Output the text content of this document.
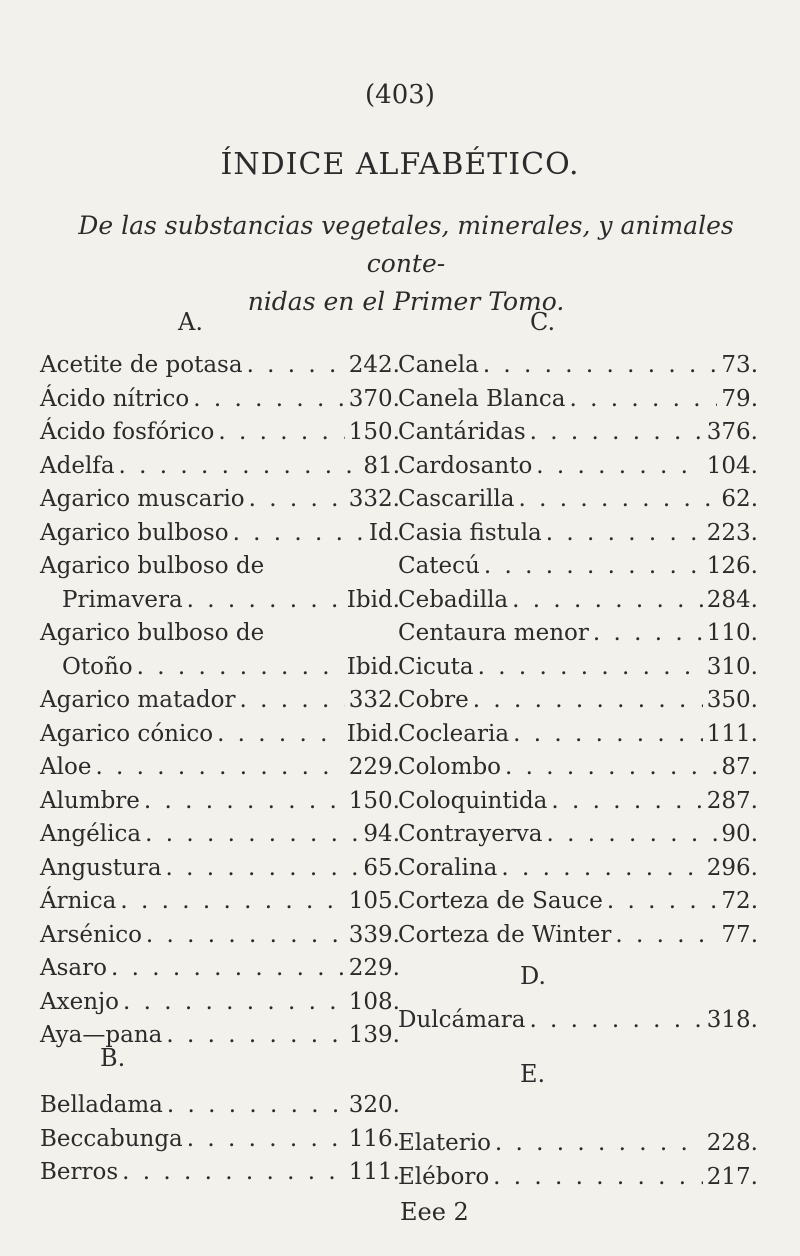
(403)
ÍNDICE ALFABÉTICO.
De las substancias vegetales, minerales, y animales conte-
nidas en el Primer Tomo.
A.	C.
Acetite de potasa . . .	242.
Ácido nítrico . . .	370.
Ácido fosfórico . . .	150.
Adelfa . . .	81.
Agarico muscario . . .	332.
Agarico bulboso . . .	Id.
Agarico bulboso de
Primavera . . .	Ibid.
Agarico bulboso de
Otoño . . .	Ibid.
Agarico matador . . .	332.
Agarico cónico . . .	Ibid.
Aloe . . .	229.
Alumbre . . .	150.
Angélica . . .	94.
Angustura . . .	65.
Árnica . . .	105.
Arsénico . . .	339.
Asaro . . .	229.
Axenjo . . .	108.
Aya—pana . . .	139.
B.
Belladama . . .	320.
Beccabunga . . .	116.
Berros . . .	111.
Canela . . .	73.
Canela Blanca . . .	79.
Cantáridas . . .	376.
Cardosanto . . .	104.
Cascarilla . . .	62.
Casia fistula . . .	223.
Catecú . . .	126.
Cebadilla . . .	284.
Centaura menor . . .	110.
Cicuta . . .	310.
Cobre . . .	350.
Coclearia . . .	111.
Colombo . . .	87.
Coloquintida . . .	287.
Contrayerva . . .	90.
Coralina . . .	296.
Corteza de Sauce . . .	72.
Corteza de Winter . . .	77.
D.
Dulcámara . . .	318.
E.
Elaterio . . .	228.
Eléboro . . .	217.
Eee 2
